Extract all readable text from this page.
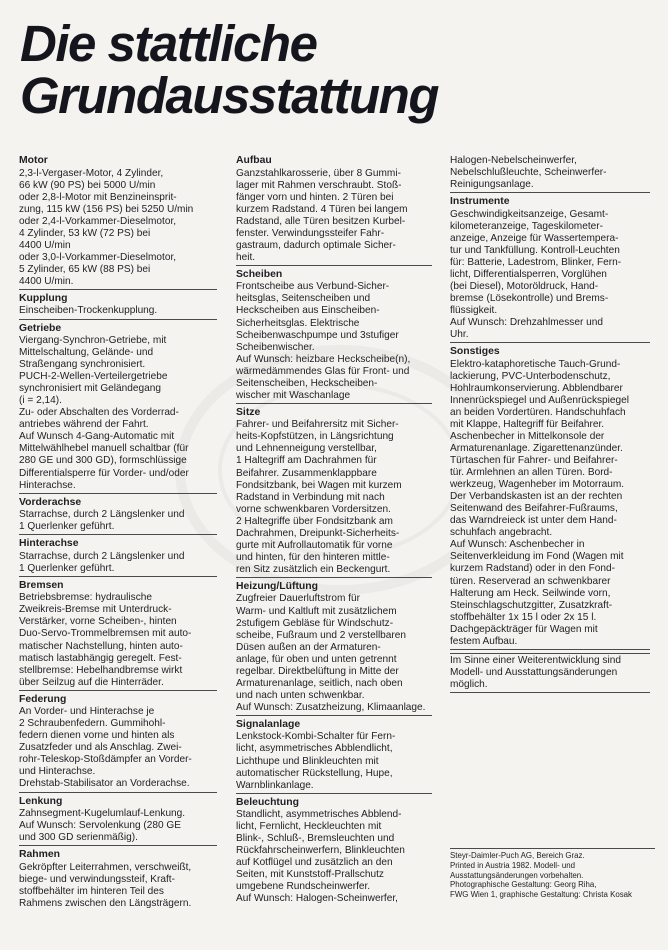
Die stattliche
Grundausstattung
Motor

2,3-l-Vergaser-Motor, 4 Zylinder,
66 kW (90 PS) bei 5000 U/min
oder 2,8-l-Motor mit Benzineinsprit-
zung, 115 kW (156 PS) bei 5250 U/min
oder 2,4-l-Vorkammer-Dieselmotor,
4 Zylinder, 53 kW (72 PS) bei
4400 U/min
oder 3,0-l-Vorkammer-Dieselmotor,
5 Zylinder, 65 kW (88 PS) bei
4400 U/min.

Kupplung

Einscheiben-Trockenkupplung.

Getriebe

Viergang-Synchron-Getriebe, mit
Mittelschaltung, Gelände- und
Straßengang synchronisiert.
PUCH-2-Wellen-Verteilergetriebe
synchronisiert mit Geländegang
(i = 2,14).
Zu- oder Abschalten des Vorderrad-
antriebes während der Fahrt.
Auf Wunsch 4-Gang-Automatic mit
Mittelwählhebel manuell schaltbar (für
280 GE und 300 GD), formschlüssige
Differentialsperre für Vorder- und/oder
Hinterachse.

Vorderachse

Starrachse, durch 2 Längslenker und
1 Querlenker geführt.

Hinterachse

Starrachse, durch 2 Längslenker und
1 Querlenker geführt.

Bremsen

Betriebsbremse: hydraulische
Zweikreis-Bremse mit Unterdruck-
Verstärker, vorne Scheiben-, hinten
Duo-Servo-Trommelbremsen mit auto-
matischer Nachstellung, hinten auto-
matisch lastabhängig geregelt. Fest-
stellbremse: Hebelhandbremse wirkt
über Seilzug auf die Hinterräder.

Federung

An Vorder- und Hinterachse je
2 Schraubenfedern. Gummihohl-
federn dienen vorne und hinten als
Zusatzfeder und als Anschlag. Zwei-
rohr-Teleskop-Stoßdämpfer an Vorder-
und Hinterachse.
Drehstab-Stabilisator an Vorderachse.

Lenkung

Zahnsegment-Kugelumlauf-Lenkung.
Auf Wunsch: Servolenkung (280 GE
und 300 GD serienmäßig).

Rahmen

Gekröpfter Leiterrahmen, verschweißt,
biege- und verwindungssteif, Kraft-
stoffbehälter im hinteren Teil des
Rahmens zwischen den Längsträgern.

Aufbau

Ganzstahlkarosserie, über 8 Gummi-
lager mit Rahmen verschraubt. Stoß-
fänger vorn und hinten. 2 Türen bei
kurzem Radstand. 4 Türen bei langem
Radstand, alle Türen besitzen Kurbel-
fenster. Verwindungssteifer Fahr-
gastraum, dadurch optimale Sicher-
heit.

Scheiben

Frontscheibe aus Verbund-Sicher-
heitsglas, Seitenscheiben und
Heckscheiben aus Einscheiben-
Sicherheitsglas. Elektrische
Scheibenwaschpumpe und 3stufiger
Scheibenwischer.
Auf Wunsch: heizbare Heckscheibe(n),
wärmedämmendes Glas für Front- und
Seitenscheiben, Heckscheiben-
wischer mit Waschanlage

Sitze

Fahrer- und Beifahrersitz mit Sicher-
heits-Kopfstützen, in Längsrichtung
und Lehnenneigung verstellbar,
1 Haltegriff am Dachrahmen für
Beifahrer. Zusammenklappbare
Fondsitzbank, bei Wagen mit kurzem
Radstand in Verbindung mit nach
vorne schwenkbaren Vordersitzen.
2 Haltegriffe über Fondsitzbank am
Dachrahmen, Dreipunkt-Sicherheits-
gurte mit Aufrollautomatik für vorne
und hinten, für den hinteren mittle-
ren Sitz zusätzlich ein Beckengurt.

Heizung/Lüftung

Zugfreier Dauerluftstrom für
Warm- und Kaltluft mit zusätzlichem
2stufigem Gebläse für Windschutz-
scheibe, Fußraum und 2 verstellbaren
Düsen außen an der Armaturen-
anlage, für oben und unten getrennt
regelbar. Direktbelüftung in Mitte der
Armaturenanlage, seitlich, nach oben
und nach unten schwenkbar.
Auf Wunsch: Zusatzheizung, Klimaanlage.

Signalanlage

Lenkstock-Kombi-Schalter für Fern-
licht, asymmetrisches Abblendlicht,
Lichthupe und Blinkleuchten mit
automatischer Rückstellung, Hupe,
Warnblinkanlage.

Beleuchtung

Standlicht, asymmetrisches Abblend-
licht, Fernlicht, Heckleuchten mit
Blink-, Schluß-, Bremsleuchten und
Rückfahrscheinwerfern, Blinkleuchten
auf Kotflügel und zusätzlich an den
Seiten, mit Kunststoff-Prallschutz
umgebene Rundscheinwerfer.
Auf Wunsch: Halogen-Scheinwerfer,

Halogen-Nebelscheinwerfer,
Nebelschlußleuchte, Scheinwerfer-
Reinigungsanlage.

Instrumente

Geschwindigkeitsanzeige, Gesamt-
kilometeranzeige, Tageskilometer-
anzeige, Anzeige für Wassertempera-
tur und Tankfüllung. Kontroll-Leuchten
für: Batterie, Ladestrom, Blinker, Fern-
licht, Differentialsperren, Vorglühen
(bei Diesel), Motoröldruck, Hand-
bremse (Lösekontrolle) und Brems-
flüssigkeit.
Auf Wunsch: Drehzahlmesser und
Uhr.

Sonstiges

Elektro-kataphoretische Tauch-Grund-
lackierung, PVC-Unterbodenschutz,
Hohlraumkonservierung. Abblendbarer
Innenrückspiegel und Außenrückspiegel
an beiden Vordertüren. Handschuhfach
mit Klappe, Haltegriff für Beifahrer.
Aschenbecher in Mittelkonsole der
Armaturenanlage. Zigarettenanzünder.
Türtaschen für Fahrer- und Beifahrer-
tür. Armlehnen an allen Türen. Bord-
werkzeug, Wagenheber im Motorraum.
Der Verbandskasten ist an der rechten
Seitenwand des Beifahrer-Fußraums,
das Warndreieck ist unter dem Hand-
schuhfach angebracht.
Auf Wunsch: Aschenbecher in
Seitenverkleidung im Fond (Wagen mit
kurzem Radstand) oder in den Fond-
türen. Reserverad an schwenkbarer
Halterung am Heck. Seilwinde vorn,
Steinschlagschutzgitter, Zusatzkraft-
stoffbehälter 1x 15 l oder 2x 15 l.
Dachgepäckträger für Wagen mit
festem Aufbau.

Im Sinne einer Weiterentwicklung sind
Modell- und Ausstattungsänderungen
möglich.

Steyr-Daimler-Puch AG, Bereich Graz.
Printed in Austria 1982. Modell- und
Ausstattungsänderungen vorbehalten.
Photographische Gestaltung: Georg Riha,
FWG Wien 1, graphische Gestaltung: Christa Kosak
